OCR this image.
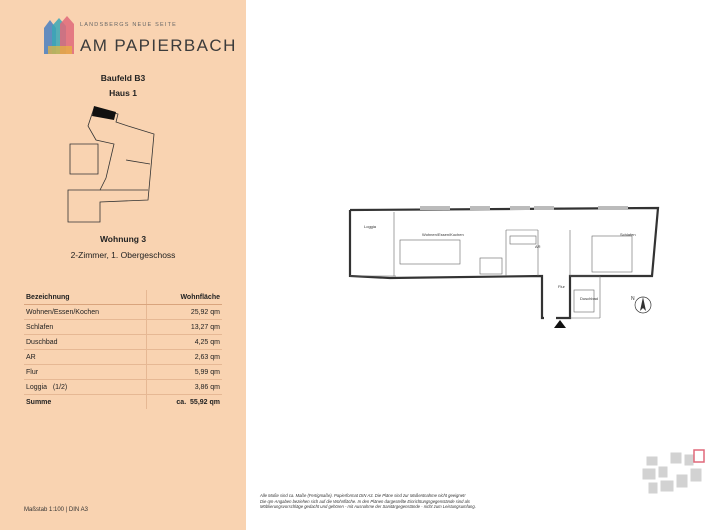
LANDSBERGS NEUE SEITE
AM PAPIERBACH
Baufeld B3
Haus 1
Wohnung 3
2-Zimmer, 1. Obergeschoss
Bezeichnung	Wohnfläche
Wohnen/Essen/Kochen	25,92 qm
Schlafen	13,27 qm
Duschbad	4,25 qm
AR	2,63 qm
Flur	5,99 qm
Loggia   (1/2)	3,86 qm
Summe	ca.  55,92 qm
Maßstab 1:100 | DIN A3
Loggia
Wohnen/Essen/Kochen
AR
Schlafen
Flur
Duschbad	N
Alle Maße sind ca. Maße (Fertigmaße). Papierformat DIN A3. Die Pläne sind zur Maßentnahme nicht geeignet!
Die qm-Angaben beziehen sich auf die Wohnfläche. In den Plänen dargestellte Einrichtungsgegenstände sind als
Möblierungsvorschläge gedacht und gehören - mit Ausnahme der Sanitärgegenstände - nicht zum Leistungsumfang.
